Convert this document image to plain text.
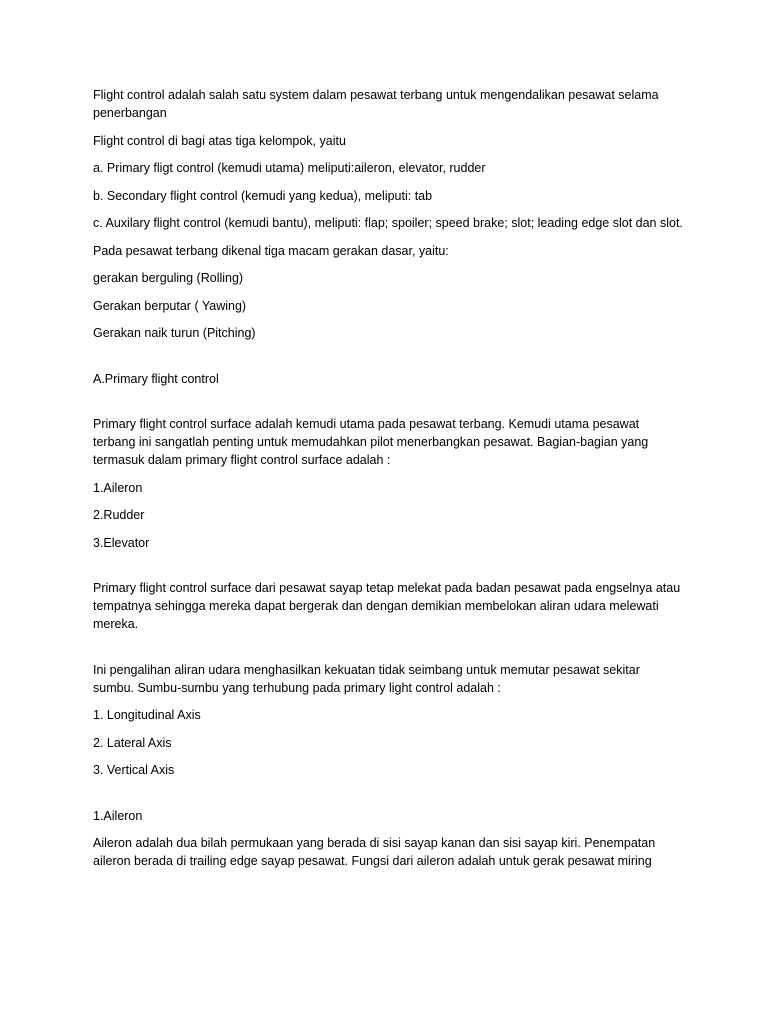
Flight control adalah salah satu system dalam pesawat terbang untuk mengendalikan pesawat selama penerbangan

Flight control di bagi atas tiga kelompok, yaitu

a. Primary fligt control (kemudi utama) meliputi:aileron, elevator, rudder

b. Secondary flight control (kemudi yang kedua), meliputi: tab

c. Auxilary flight control (kemudi bantu), meliputi: flap; spoiler; speed brake; slot; leading edge slot dan slot.

Pada pesawat terbang dikenal tiga macam gerakan dasar, yaitu:

gerakan berguling (Rolling)

Gerakan berputar ( Yawing)

Gerakan naik turun (Pitching)

A.Primary flight control

Primary flight control surface adalah kemudi utama pada pesawat terbang. Kemudi utama pesawat terbang ini sangatlah penting untuk memudahkan pilot menerbangkan pesawat. Bagian-bagian yang termasuk dalam primary flight control surface adalah :

1.Aileron

2.Rudder

3.Elevator

Primary flight control surface dari pesawat sayap tetap melekat pada badan pesawat pada engselnya atau tempatnya sehingga mereka dapat bergerak dan dengan demikian membelokan aliran udara melewati mereka.

Ini pengalihan aliran udara menghasilkan kekuatan tidak seimbang untuk memutar pesawat sekitar sumbu. Sumbu-sumbu yang terhubung pada primary light control adalah :

1. Longitudinal Axis

2. Lateral Axis

3. Vertical Axis

1.Aileron

Aileron adalah dua bilah permukaan yang berada di sisi sayap kanan dan sisi sayap kiri. Penempatan aileron berada di trailing edge sayap pesawat. Fungsi dari aileron adalah untuk gerak pesawat miring
